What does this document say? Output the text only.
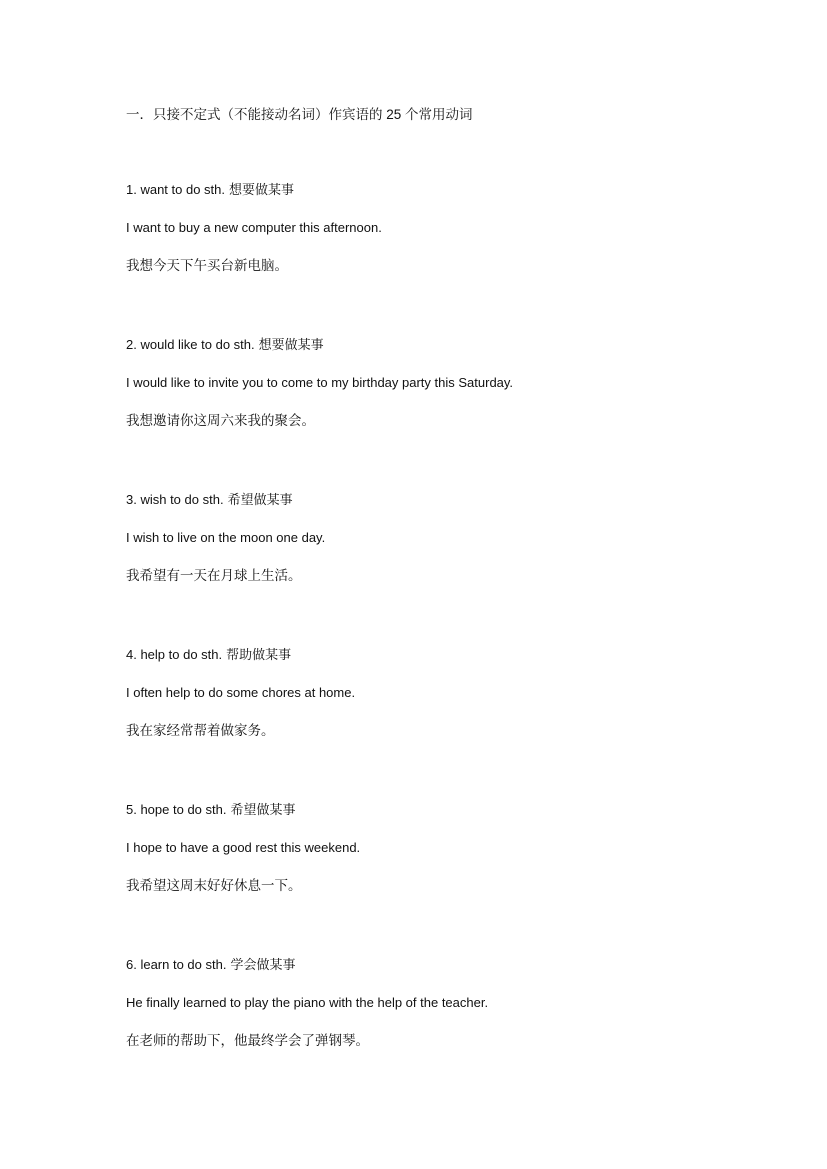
一．只接不定式（不能接动名词）作宾语的 25 个常用动词
1. want to do sth. 想要做某事
I want to buy a new computer this afternoon.
我想今天下午买台新电脑。
2. would like to do sth. 想要做某事
I would like to invite you to come to my birthday party this Saturday.
我想邀请你这周六来我的聚会。
3. wish to do sth. 希望做某事
I wish to live on the moon one day.
我希望有一天在月球上生活。
4. help to do sth. 帮助做某事
I often help to do some chores at home.
我在家经常帮着做家务。
5. hope to do sth. 希望做某事
I hope to have a good rest this weekend.
我希望这周末好好休息一下。
6. learn to do sth. 学会做某事
He finally learned to play the piano with the help of the teacher.
在老师的帮助下，他最终学会了弹钢琴。
